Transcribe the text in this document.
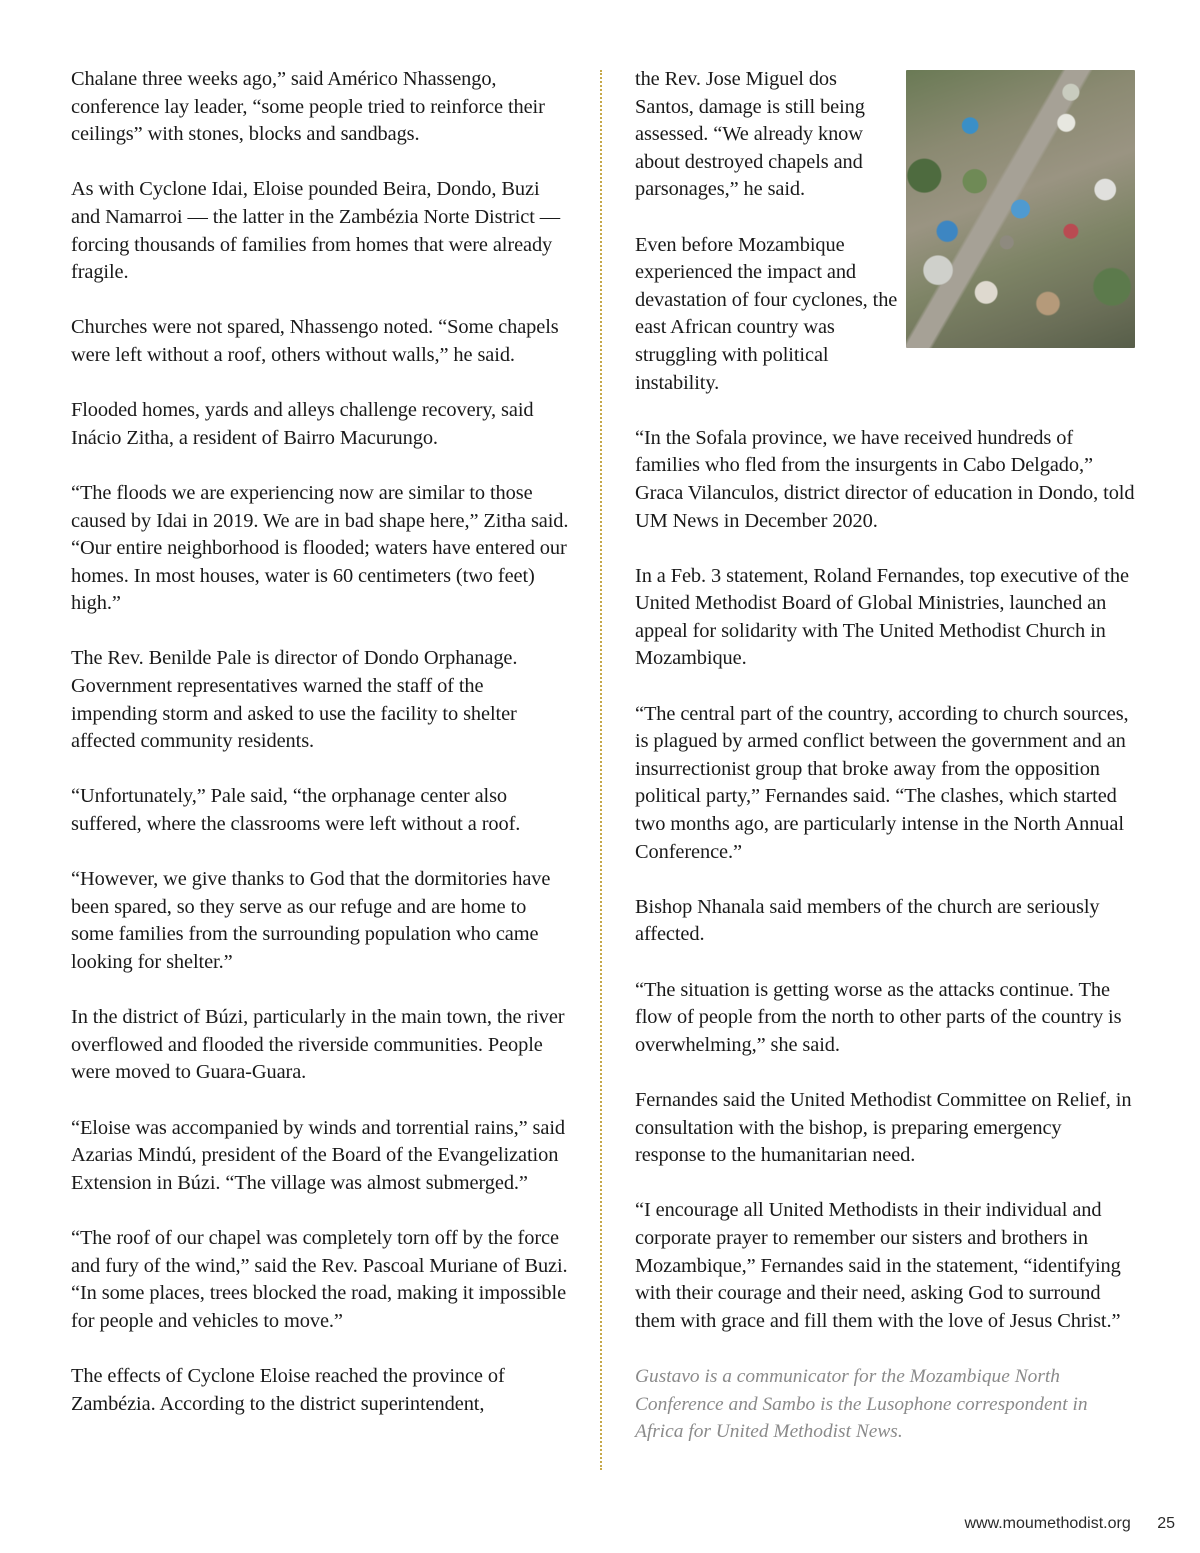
Chalane three weeks ago,” said Américo Nhassengo, conference lay leader, “some people tried to reinforce their ceilings” with stones, blocks and sandbags.

As with Cyclone Idai, Eloise pounded Beira, Dondo, Buzi and Namarroi — the latter in the Zambézia Norte District — forcing thousands of families from homes that were already fragile.

Churches were not spared, Nhassengo noted. “Some chapels were left without a roof, others without walls,” he said.

Flooded homes, yards and alleys challenge recovery, said Inácio Zitha, a resident of Bairro Macurungo.

“The floods we are experiencing now are similar to those caused by Idai in 2019. We are in bad shape here,” Zitha said. “Our entire neighborhood is flooded; waters have entered our homes. In most houses, water is 60 centimeters (two feet) high.”

The Rev. Benilde Pale is director of Dondo Orphanage. Government representatives warned the staff of the impending storm and asked to use the facility to shelter affected community residents.

“Unfortunately,” Pale said, “the orphanage center also suffered, where the classrooms were left without a roof.

“However, we give thanks to God that the dormitories have been spared, so they serve as our refuge and are home to some families from the surrounding population who came looking for shelter.”

In the district of Búzi, particularly in the main town, the river overflowed and flooded the riverside communities. People were moved to Guara-Guara.

“Eloise was accompanied by winds and torrential rains,” said Azarias Mindú, president of the Board of the Evangelization Extension in Búzi. “The village was almost submerged.”

“The roof of our chapel was completely torn off by the force and fury of the wind,” said the Rev. Pascoal Muriane of Buzi. “In some places, trees blocked the road, making it impossible for people and vehicles to move.”

The effects of Cyclone Eloise reached the province of Zambézia. According to the district superintendent,

the Rev. Jose Miguel dos Santos, damage is still being assessed. “We already know about destroyed chapels and parsonages,” he said.

Even before Mozambique experienced the impact and devastation of four cyclones, the east African country was struggling with political instability.

“In the Sofala province, we have received hundreds of families who fled from the insurgents in Cabo Delgado,” Graca Vilanculos, district director of education in Dondo, told UM News in December 2020.

In a Feb. 3 statement, Roland Fernandes, top executive of the United Methodist Board of Global Ministries, launched an appeal for solidarity with The United Methodist Church in Mozambique.

“The central part of the country, according to church sources, is plagued by armed conflict between the government and an insurrectionist group that broke away from the opposition political party,” Fernandes said. “The clashes, which started two months ago, are particularly intense in the North Annual Conference.”

Bishop Nhanala said members of the church are seriously affected.

“The situation is getting worse as the attacks continue. The flow of people from the north to other parts of the country is overwhelming,” she said.

Fernandes said the United Methodist Committee on Relief, in consultation with the bishop, is preparing emergency response to the humanitarian need.

“I encourage all United Methodists in their individual and corporate prayer to remember our sisters and brothers in Mozambique,” Fernandes said in the statement, “identifying with their courage and their need, asking God to surround them with grace and fill them with the love of Jesus Christ.”

Gustavo is a communicator for the Mozambique North Conference and Sambo is the Lusophone correspondent in Africa for United Methodist News.

www.moumethodist.org 25
